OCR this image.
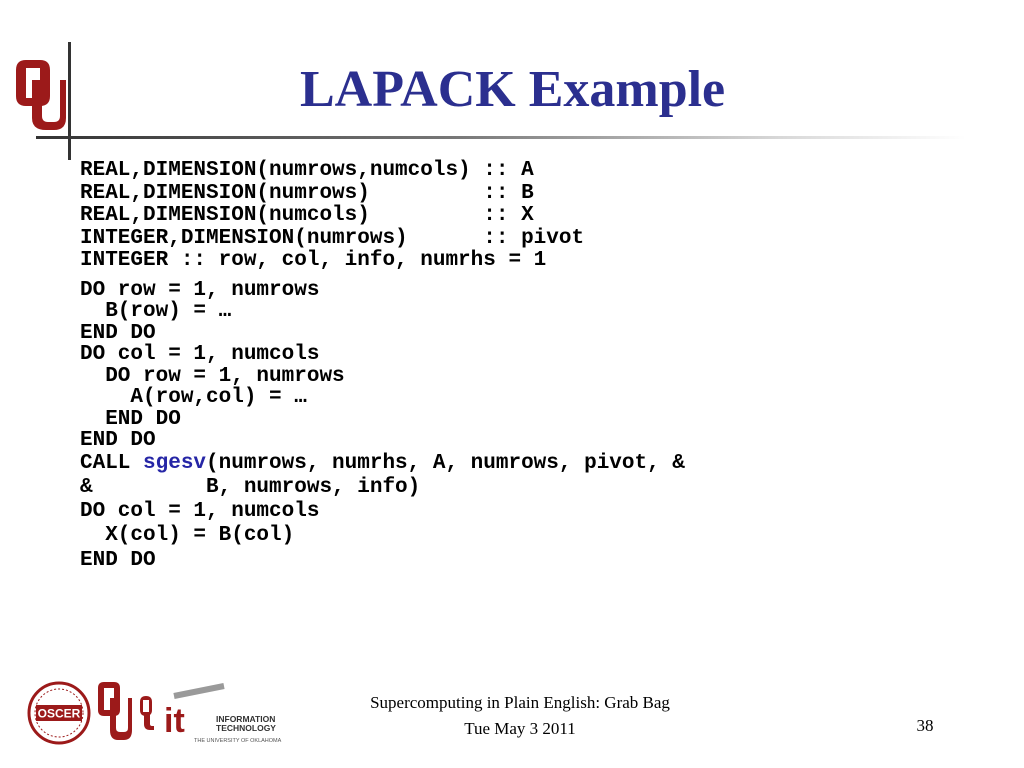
LAPACK Example
REAL,DIMENSION(numrows,numcols) :: A
REAL,DIMENSION(numrows)         :: B
REAL,DIMENSION(numcols)         :: X
INTEGER,DIMENSION(numrows)      :: pivot
INTEGER :: row, col, info, numrhs = 1
DO row = 1, numrows
B(row) = …
END DO
DO col = 1, numcols
DO row = 1, numrows
A(row,col) = …
END DO
END DO
CALL sgesv(numrows, numrhs, A, numrows, pivot, &
&         B, numrows, info)
DO col = 1, numcols
X(col) = B(col)
END DO
OSCER it	INFORMATION
TECHNOLOGY
THE UNIVERSITY OF OKLAHOMA
Supercomputing in Plain English: Grab Bag
Tue May 3 2011	38
